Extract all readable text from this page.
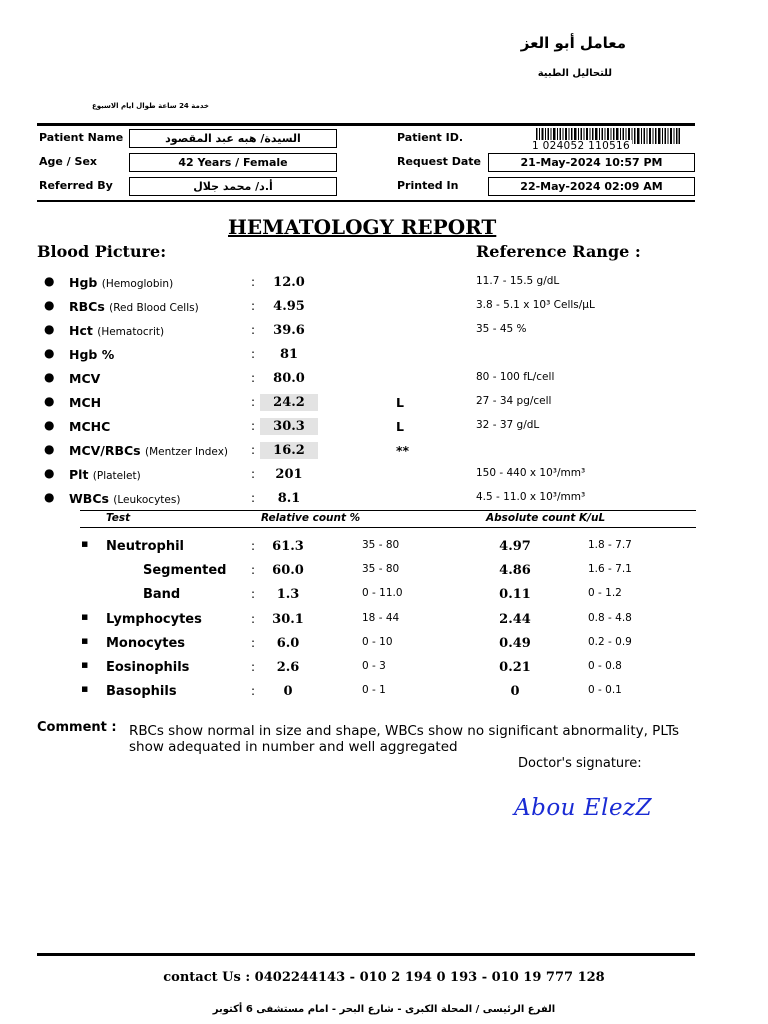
معامل أبو العز
للتحاليل الطبية
خدمة 24 ساعة طوال ايام الاسبوع
Patient Name	السيدة/ هبه عبد المقصود
Age / Sex	42 Years / Female
Referred By	أ.د/ محمد جلال
Patient ID.
1 024052 110516
Request Date	21-May-2024 10:57 PM
Printed In	22-May-2024 02:09 AM
HEMATOLOGY REPORT
Blood Picture:	Reference Range :
● Hgb (Hemoglobin)	:	12.0	11.7 - 15.5 g/dL
● RBCs (Red Blood Cells)	:	4.95	3.8 - 5.1 x 10³ Cells/µL
● Hct (Hematocrit)	:	39.6	35 - 45 %
● Hgb %	:	81
● MCV	:	80.0	80 - 100 fL/cell
● MCH	:	24.2	L	27 - 34 pg/cell
● MCHC	:	30.3	L	32 - 37 g/dL
● MCV/RBCs (Mentzer Index) :	16.2	**
● Plt (Platelet)	:	201	150 - 440 x 10³/mm³
● WBCs (Leukocytes)	:	8.1	4.5 - 11.0 x 10³/mm³
Test	Relative count %	Absolute count K/uL
▪ Neutrophil	:	61.3	35 - 80	4.97	1.8 - 7.7
Segmented :	60.0	35 - 80	4.86	1.6 - 7.1
Band	:	1.3	0 - 11.0	0.11	0 - 1.2
▪ Lymphocytes	:	30.1	18 - 44	2.44	0.8 - 4.8
▪ Monocytes	:	6.0	0 - 10	0.49	0.2 - 0.9
▪ Eosinophils	:	2.6	0 - 3	0.21	0 - 0.8
▪ Basophils	:	0	0 - 1	0	0 - 0.1
Comment : RBCs show normal in size and shape, WBCs show no significant abnormality, PLTs show adequated in number and well aggregated
Doctor's signature:
Abou ElezZ
contact Us : 0402244143 - 010 2 194 0 193 - 010 19 777 128
الفرع الرئيسى / المحلة الكبرى - شارع البحر - امام مستشفى 6 أكتوبر
